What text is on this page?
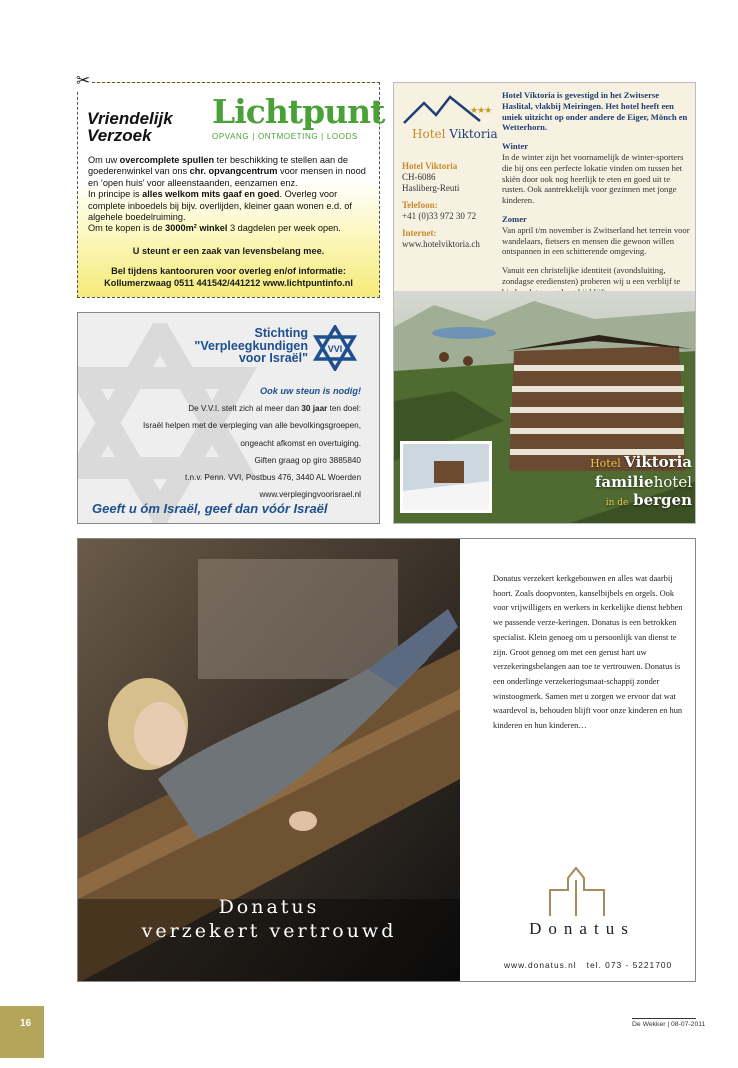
✂
Vriendelijk
Verzoek
Lichtpunt
OPVANG | ONTMOETING | LOODS
Om uw overcomplete spullen ter beschikking te stellen aan de goederenwinkel van ons chr. opvangcentrum voor mensen in nood en ‘open huis’ voor alleenstaanden, eenzamen enz.
In principe is alles welkom mits gaaf en goed. Overleg voor complete inboedels bij bijv. overlijden, kleiner gaan wonen e.d. of algehele boedelruiming.
Om te kopen is de 3000m² winkel 3 dagdelen per week open.
U steunt er een zaak van levensbelang mee.
Bel tijdens kantooruren voor overleg en/of informatie:
Kollumerzwaag 0511 441542/441212 www.lichtpuntinfo.nl
Stichting
"Verpleegkundigen
voor Israël"
VVI
Ook uw steun is nodig!
De V.V.I. stelt zich al meer dan 30 jaar ten doel:
Israël helpen met de verpleging van alle bevolkingsgroepen,
ongeacht afkomst en overtuiging.
Giften graag op giro 3885840
t.n.v. Penn. VVI, Postbus 476, 3440 AL Woerden
www.verplegingvoorisrael.nl
Geeft u óm Israël, geef dan vóór Israël
★★★
Hotel Viktoria
Hotel Viktoria
CH-6086
Hasliberg-Reuti
Telefoon:
+41 (0)33 972 30 72
Internet:
www.hotelviktoria.ch

Hotel Viktoria is gevestigd in het Zwitserse Haslital, vlakbij Meiringen. Het hotel heeft een uniek uitzicht op onder andere de Eiger, Mönch en Wetterhorn.

Winter

In de winter zijn het voornamelijk de winter-sporters die bij ons een perfecte lokatie vinden om tussen het skiën door ook nog heerlijk te eten en goed uit te rusten. Ook aantrekkelijk voor gezinnen met jonge kinderen.

Zomer

Van april t/m november is Zwitserland het terrein voor wandelaars, fietsers en mensen die gewoon willen ontspannen in een schitterende omgeving.

Vanuit een christelijke identiteit (avondsluiting, zondagse erediensten) proberen wij u een verblijf te

Hotel Viktoria
familiehotel
in de bergen
Donatus
verzekert vertrouwd
Donatus verzekert kerkgebouwen en alles wat daarbij hoort. Zoals doopvonten, kanselbijbels en orgels. Ook voor vrijwilligers en werkers in kerkelijke dienst hebben we passende verze-keringen. Donatus is een betrokken specialist. Klein genoeg om u persoonlijk van dienst te zijn. Groot genoeg om met een gerust hart uw verzekeringsbelangen aan toe te vertrouwen. Donatus is een onderlinge verzekeringsmaat-schappij zonder winstoogmerk. Samen met u zorgen we ervoor dat wat waardevol is, behouden blijft voor onze kinderen en hun kinderen en hun kinderen…
Donatus
www.donatus.nl tel. 073 - 5221700
16	De Wekker | 08-07-2011
